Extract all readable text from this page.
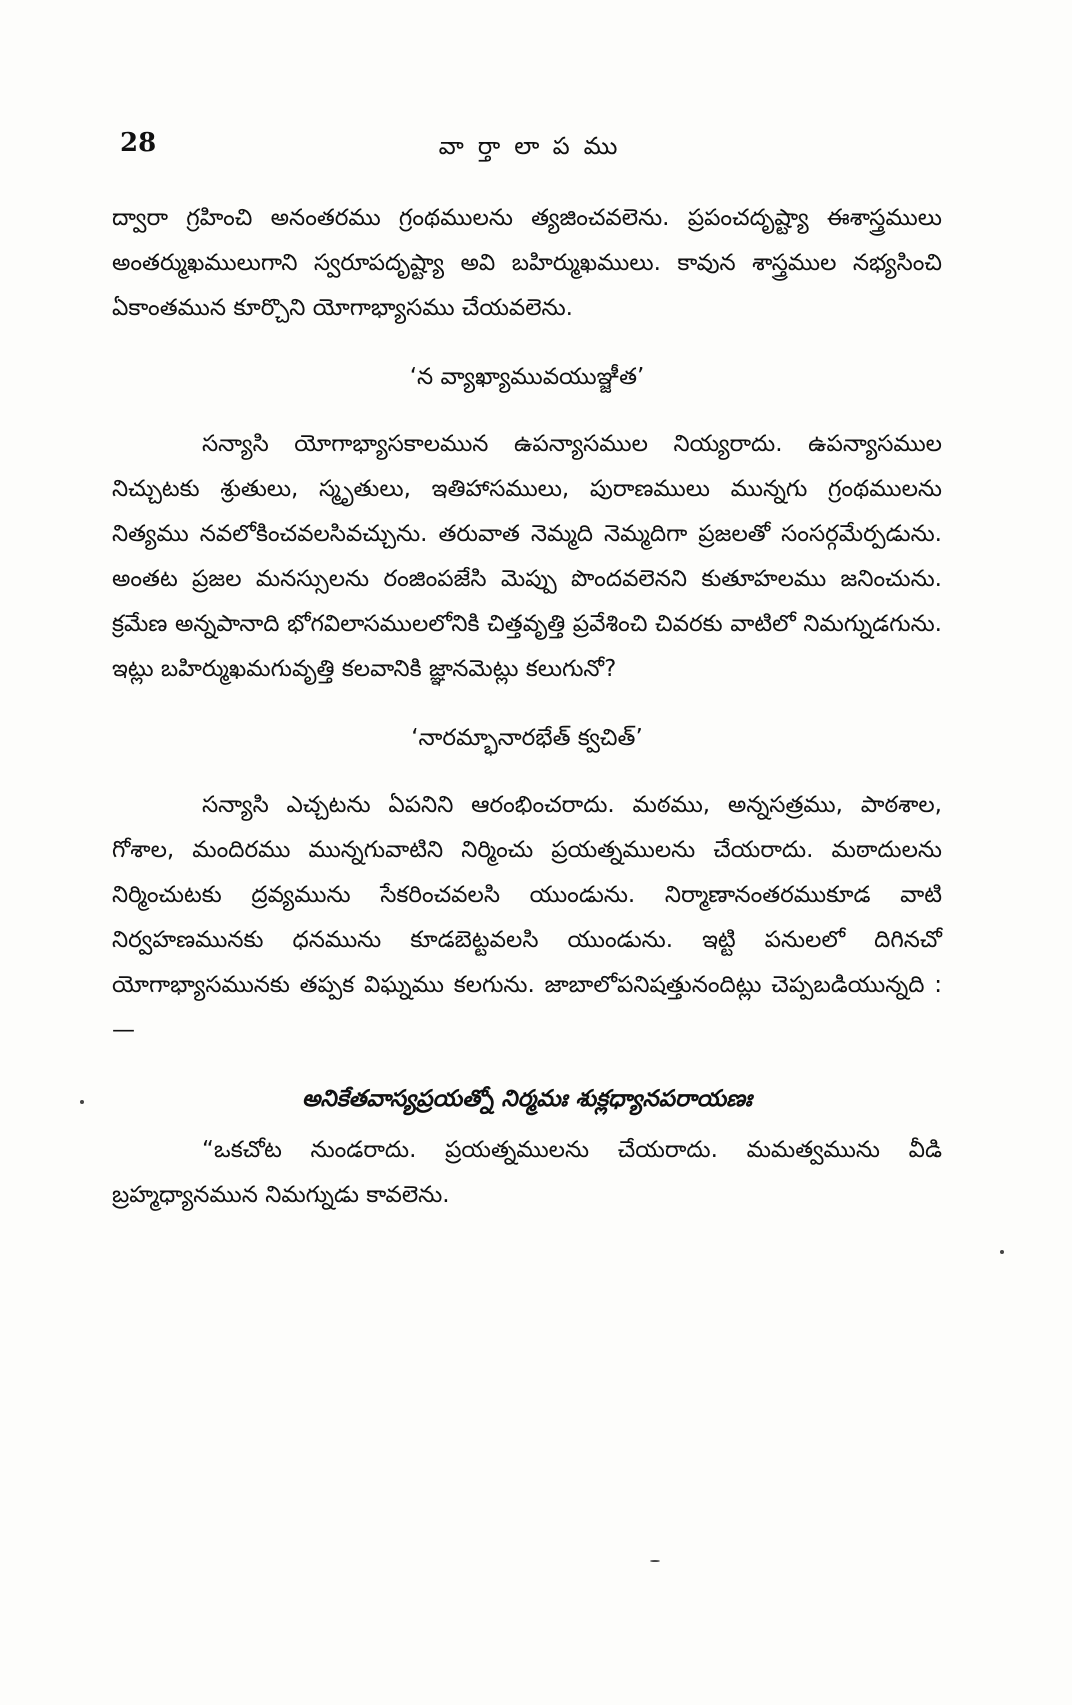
28	వార్తాలాపము

ద్వారా గ్రహించి అనంతరము గ్రంథములను త్యజించవలెను. ప్రపంచదృష్ట్యా ఈశాస్త్రములు అంతర్ముఖములుగాని స్వరూపదృష్ట్యా అవి బహిర్ముఖములు. కావున శాస్త్రముల నభ్యసించి ఏకాంతమున కూర్చొని యోగాభ్యాసము చేయవలెను.

‘న వ్యాఖ్యామువయుఞ్జీత’

సన్యాసి యోగాభ్యాసకాలమున ఉపన్యాసముల నియ్యరాదు. ఉపన్యాసముల నిచ్చుటకు శ్రుతులు, స్మృతులు, ఇతిహాసములు, పురాణములు మున్నగు గ్రంథములను నిత్యము నవలోకించవలసివచ్చును. తరువాత నెమ్మది నెమ్మదిగా ప్రజలతో సంసర్గమేర్పడును. అంతట ప్రజల మనస్సులను రంజింపజేసి మెప్పు పొందవలెనని కుతూహలము జనించును. క్రమేణ అన్నపానాది భోగవిలాసములలోనికి చిత్తవృత్తి ప్రవేశించి చివరకు వాటిలో నిమగ్నుడగును. ఇట్లు బహిర్ముఖమగువృత్తి కలవానికి జ్ఞానమెట్లు కలుగునో?

‘నారమ్భానారభేత్ క్వచిత్’

సన్యాసి ఎచ్చటను ఏపనిని ఆరంభించరాదు. మఠము, అన్నసత్రము, పాఠశాల, గోశాల, మందిరము మున్నగువాటిని నిర్మించు ప్రయత్నములను చేయరాదు. మఠాదులను నిర్మించుటకు ద్రవ్యమును సేకరించవలసి యుండును. నిర్మాణానంతరముకూడ వాటి నిర్వహణమునకు ధనమును కూడబెట్టవలసి యుండును. ఇట్టి పనులలో దిగినచో యోగాభ్యాసమునకు తప్పక విఘ్నము కలగును. జాబాలోపనిషత్తునందిట్లు చెప్పబడియున్నది :—

అనికేతవాస్యప్రయత్నో నిర్మమః శుక్లధ్యానపరాయణః

“ఒకచోట నుండరాదు. ప్రయత్నములను చేయరాదు. మమత్వమును వీడి బ్రహ్మధ్యానమున నిమగ్నుడు కావలెను.
